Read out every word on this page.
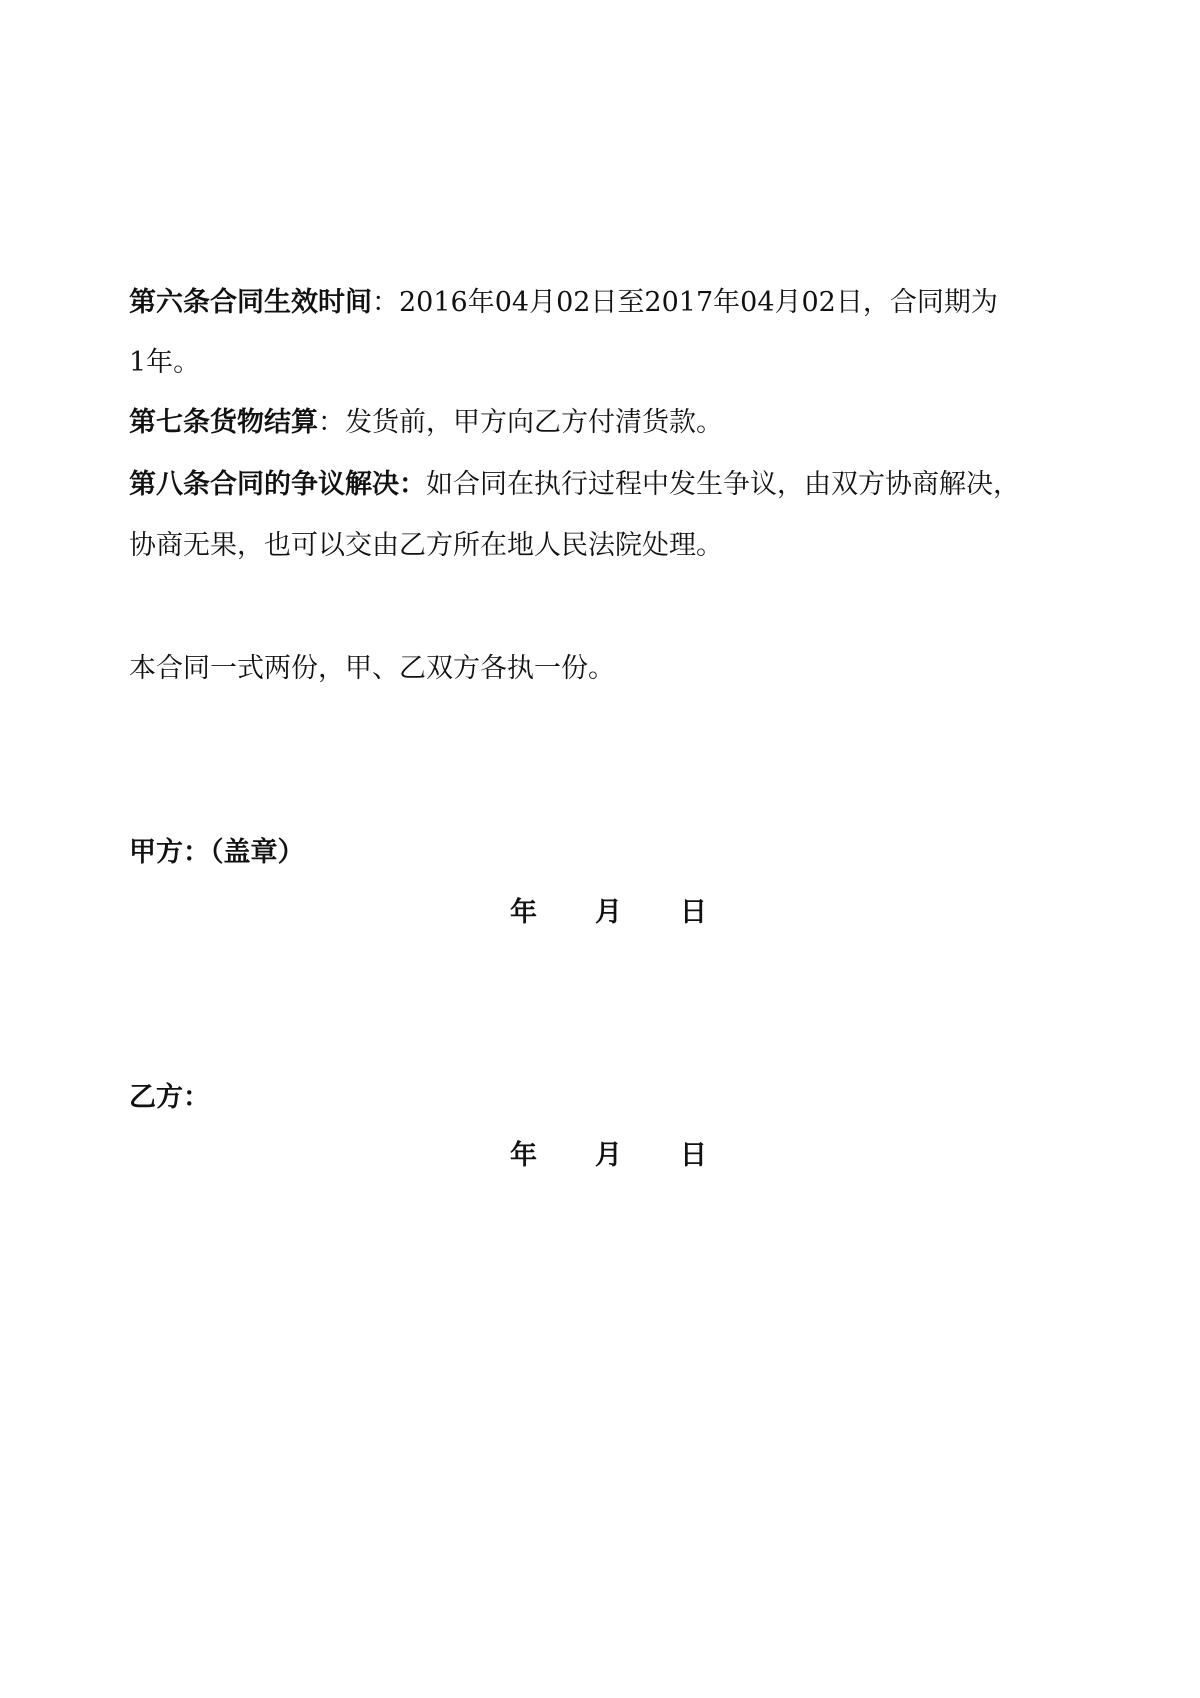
第六条合同生效时间：2016年04月02日至2017年04月02日，合同期为
1年。
第七条货物结算：发货前，甲方向乙方付清货款。
第八条合同的争议解决：如合同在执行过程中发生争议，由双方协商解决，
协商无果，也可以交由乙方所在地人民法院处理。
本合同一式两份，甲、乙双方各执一份。
甲方：（盖章）
年 月 日
乙方：
年 月 日
